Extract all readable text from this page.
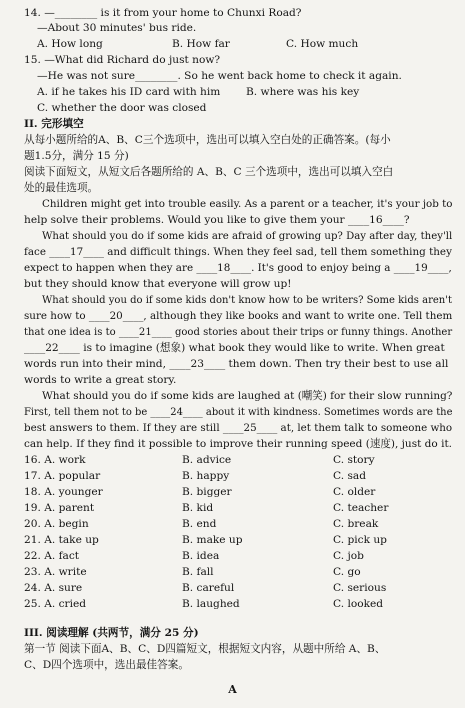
14. —________ is it from your home to Chunxi Road?
—About 30 minutes' bus ride.
A. How long	B. How far	C. How much
15. —What did Richard do just now?
—He was not sure________. So he went back home to check it again.
A. if he takes his ID card with him B. where was his key
C. whether the door was closed
II. 完形填空
从每小题所给的A、B、C三个选项中，选出可以填入空白处的正确答案。(每小
题1.5分，满分 15 分)
阅读下面短文，从短文后各题所给的 A、B、C 三个选项中，选出可以填入空白
处的最佳选项。
Children might get into trouble easily. As a parent or a teacher, it's your job to
help solve their problems. Would you like to give them your ____16____?
What should you do if some kids are afraid of growing up? Day after day, they'll
face ____17____ and difficult things. When they feel sad, tell them something they
expect to happen when they are ____18____. It's good to enjoy being a ____19____,
but they should know that everyone will grow up!
What should you do if some kids don't know how to be writers? Some kids aren't
sure how to ____20____, although they like books and want to write one. Tell them
that one idea is to ____21____ good stories about their trips or funny things. Another
____22____ is to imagine (想象) what book they would like to write. When great
words run into their mind, ____23____ them down. Then try their best to use all
words to write a great story.
What should you do if some kids are laughed at (嘲笑) for their slow running?
First, tell them not to be ____24____ about it with kindness. Sometimes words are the
best answers to them. If they are still ____25____ at, let them talk to someone who
can help. If they find it possible to improve their running speed (速度), just do it.
16. A. work	B. advice	C. story
17. A. popular	B. happy	C. sad
18. A. younger	B. bigger	C. older
19. A. parent	B. kid	C. teacher
20. A. begin	B. end	C. break
21. A. take up	B. make up	C. pick up
22. A. fact	B. idea	C. job
23. A. write	B. fall	C. go
24. A. sure	B. careful	C. serious
25. A. cried	B. laughed	C. looked
III. 阅读理解 (共两节，满分 25 分)
第一节 阅读下面A、B、C、D四篇短文，根据短文内容，从题中所给 A、B、
C、D四个选项中，选出最佳答案。
A
